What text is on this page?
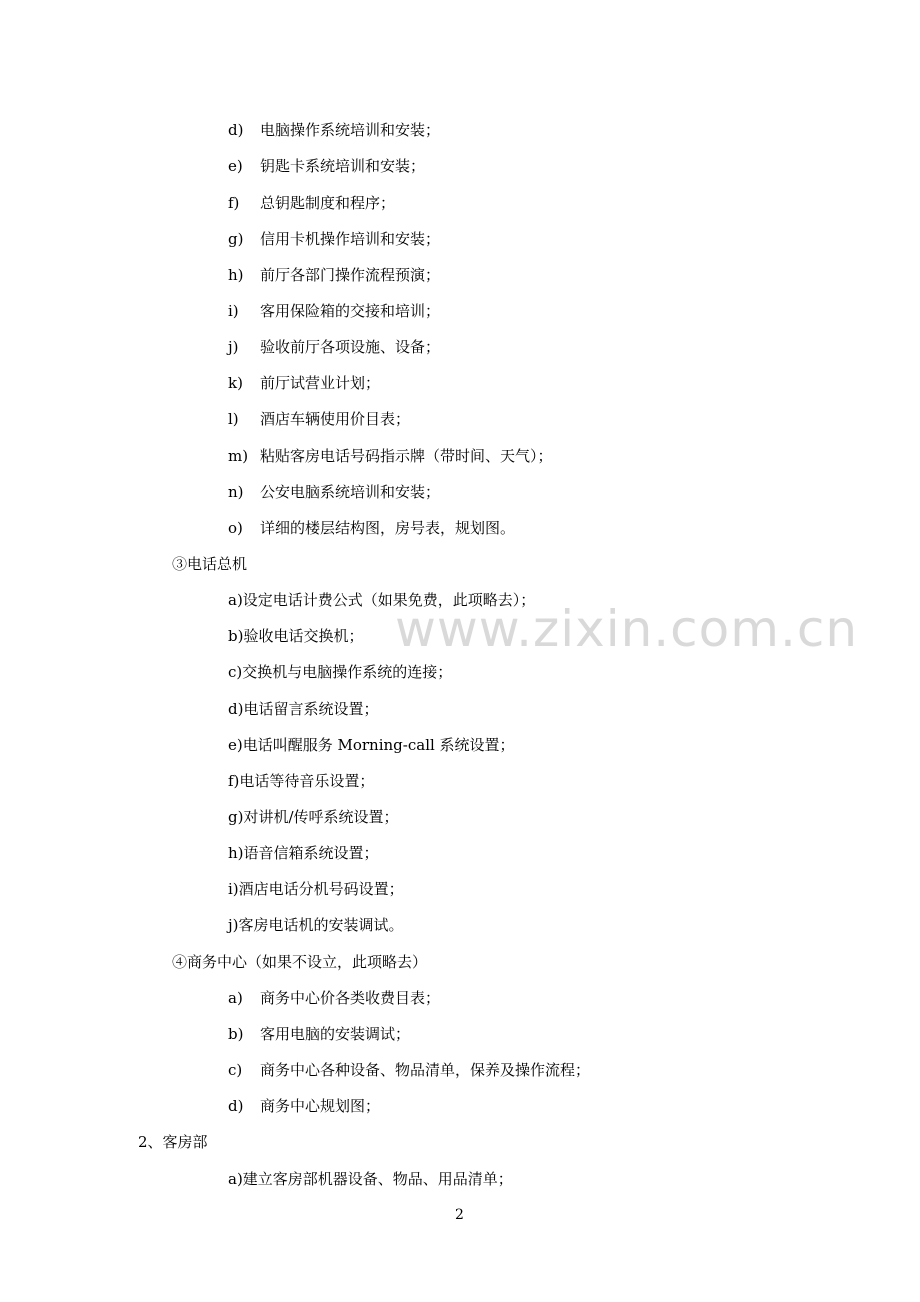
d) 电脑操作系统培训和安装；
e) 钥匙卡系统培训和安装；
f) 总钥匙制度和程序；
g) 信用卡机操作培训和安装；
h) 前厅各部门操作流程预演；
i) 客用保险箱的交接和培训；
j) 验收前厅各项设施、设备；
k) 前厅试营业计划；
l) 酒店车辆使用价目表；
m) 粘贴客房电话号码指示牌（带时间、天气）；
n) 公安电脑系统培训和安装；
o) 详细的楼层结构图，房号表，规划图。
③电话总机
a)设定电话计费公式（如果免费，此项略去）；
b)验收电话交换机；
c)交换机与电脑操作系统的连接；
d)电话留言系统设置；
e)电话叫醒服务 Morning-call 系统设置；
f)电话等待音乐设置；
g)对讲机/传呼系统设置；
h)语音信箱系统设置；
i)酒店电话分机号码设置；
j)客房电话机的安装调试。
④商务中心（如果不设立，此项略去）
a) 商务中心价各类收费目表；
b) 客用电脑的安装调试；
c) 商务中心各种设备、物品清单，保养及操作流程；
d) 商务中心规划图；
2、客房部
a)建立客房部机器设备、物品、用品清单；
www.zixin.com.cn
2
